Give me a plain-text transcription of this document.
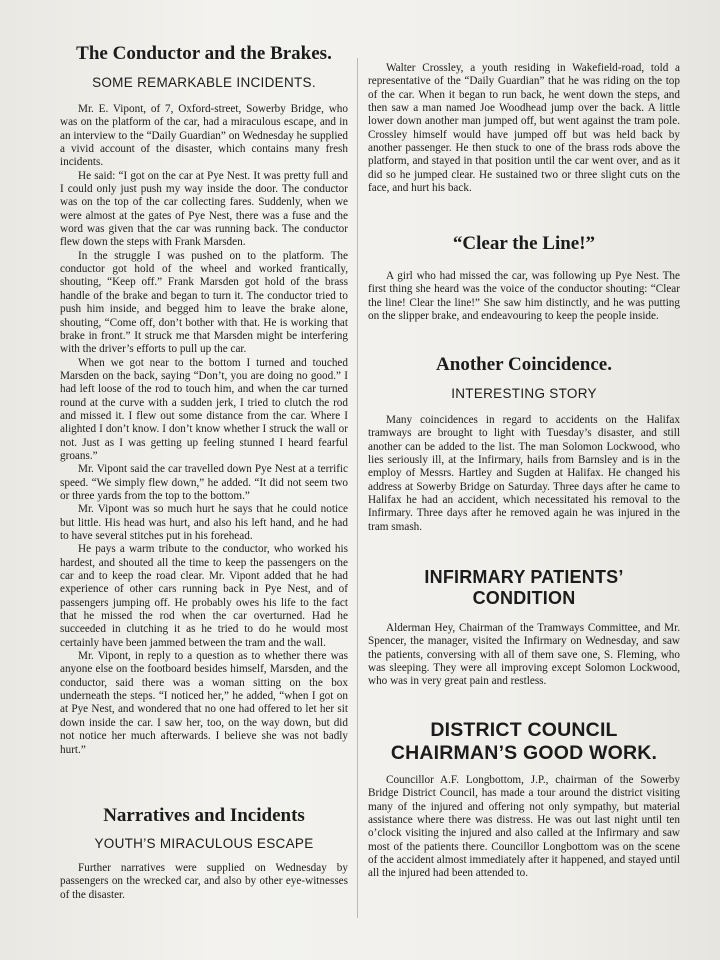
The Conductor and the Brakes.
SOME REMARKABLE INCIDENTS.

Mr. E. Vipont, of 7, Oxford-street, Sowerby Bridge, who was on the platform of the car, had a miraculous escape, and in an interview to the “Daily Guardian” on Wednesday he supplied a vivid account of the disaster, which contains many fresh incidents.

He said: “I got on the car at Pye Nest. It was pretty full and I could only just push my way inside the door. The conductor was on the top of the car collecting fares. Suddenly, when we were almost at the gates of Pye Nest, there was a fuse and the word was given that the car was running back. The conductor flew down the steps with Frank Marsden.

In the struggle I was pushed on to the platform. The conductor got hold of the wheel and worked frantically, shouting, “Keep off.” Frank Marsden got hold of the brass handle of the brake and began to turn it. The conductor tried to push him inside, and begged him to leave the brake alone, shouting, “Come off, don’t bother with that. He is working that brake in front.” It struck me that Marsden might be interfering with the driver’s efforts to pull up the car.

When we got near to the bottom I turned and touched Marsden on the back, saying “Don’t, you are doing no good.” I had left loose of the rod to touch him, and when the car turned round at the curve with a sudden jerk, I tried to clutch the rod and missed it. I flew out some distance from the car. Where I alighted I don’t know. I don’t know whether I struck the wall or not. Just as I was getting up feeling stunned I heard fearful groans.”

Mr. Vipont said the car travelled down Pye Nest at a terrific speed. “We simply flew down,” he added. “It did not seem two or three yards from the top to the bottom.”

Mr. Vipont was so much hurt he says that he could notice but little. His head was hurt, and also his left hand, and he had to have several stitches put in his forehead.

He pays a warm tribute to the conductor, who worked his hardest, and shouted all the time to keep the passengers on the car and to keep the road clear. Mr. Vipont added that he had experience of other cars running back in Pye Nest, and of passengers jumping off. He probably owes his life to the fact that he missed the rod when the car overturned. Had he succeeded in clutching it as he tried to do he would most certainly have been jammed between the tram and the wall.

Mr. Vipont, in reply to a question as to whether there was anyone else on the footboard besides himself, Marsden, and the conductor, said there was a woman sitting on the box underneath the steps. “I noticed her,” he added, “when I got on at Pye Nest, and wondered that no one had offered to let her sit down inside the car. I saw her, too, on the way down, but did not notice her much afterwards. I believe she was not badly hurt.”

Narratives and Incidents
YOUTH’S MIRACULOUS ESCAPE

Further narratives were supplied on Wednesday by passengers on the wrecked car, and also by other eye-witnesses of the disaster.

Walter Crossley, a youth residing in Wakefield-road, told a representative of the “Daily Guardian” that he was riding on the top of the car. When it began to run back, he went down the steps, and then saw a man named Joe Woodhead jump over the back. A little lower down another man jumped off, but went against the tram pole. Crossley himself would have jumped off but was held back by another passenger. He then stuck to one of the brass rods above the platform, and stayed in that position until the car went over, and as it did so he jumped clear. He sustained two or three slight cuts on the face, and hurt his back.

“Clear the Line!”

A girl who had missed the car, was following up Pye Nest. The first thing she heard was the voice of the conductor shouting: “Clear the line! Clear the line!” She saw him distinctly, and he was putting on the slipper brake, and endeavouring to keep the people inside.

Another Coincidence.
INTERESTING STORY

Many coincidences in regard to accidents on the Halifax tramways are brought to light with Tuesday’s disaster, and still another can be added to the list. The man Solomon Lockwood, who lies seriously ill, at the Infirmary, hails from Barnsley and is in the employ of Messrs. Hartley and Sugden at Halifax. He changed his address at Sowerby Bridge on Saturday. Three days after he came to Halifax he had an accident, which necessitated his removal to the Infirmary. Three days after he removed again he was injured in the tram smash.

INFIRMARY PATIENTS’
CONDITION

Alderman Hey, Chairman of the Tramways Committee, and Mr. Spencer, the manager, visited the Infirmary on Wednesday, and saw the patients, conversing with all of them save one, S. Fleming, who was sleeping. They were all improving except Solomon Lockwood, who was in very great pain and restless.

DISTRICT COUNCIL
CHAIRMAN’S GOOD WORK.

Councillor A.F. Longbottom, J.P., chairman of the Sowerby Bridge District Council, has made a tour around the district visiting many of the injured and offering not only sympathy, but material assistance where there was distress. He was out last night until ten o’clock visiting the injured and also called at the Infirmary and saw most of the patients there. Councillor Longbottom was on the scene of the accident almost immediately after it happened, and stayed until all the injured had been attended to.
